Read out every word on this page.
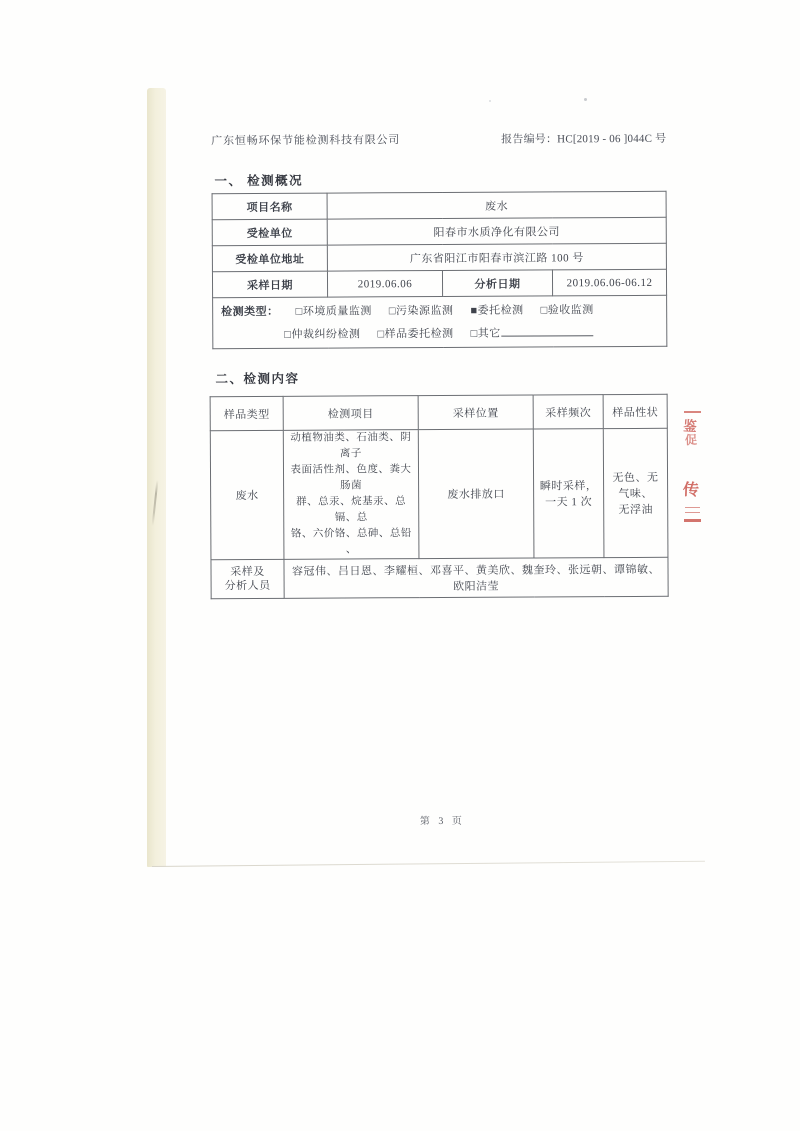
广东恒畅环保节能检测科技有限公司	报告编号：HC[2019 - 06 ]044C 号
一、 检测概况
项目名称	废水		
受检单位	阳春市水质净化有限公司		
受检单位地址	广东省阳江市阳春市滨江路 100 号		
采样日期	2019.06.06	分析日期	2019.06.06-06.12

检测类型： □环境质量监测 □污染源监测 ■委托检测 □验收监测
□仲裁纠纷检测 □样品委托检测 □其它
二、检测内容
样品类型	检测项目	采样位置	采样频次	样品性状
废水	动植物油类、石油类、阴离子
表面活性剂、色度、粪大肠菌
群、总汞、烷基汞、总镉、总
铬、六价铬、总砷、总铅
、	废水排放口	瞬时采样，
一天 1 次	无色、无气味、
无浮油
采样及
分析人员	容冠伟、吕日恩、李耀桓、邓喜平、黄美欣、魏奎玲、张远朝、谭锦敏、欧阳洁莹			
第 3 页
鉴
促
传
